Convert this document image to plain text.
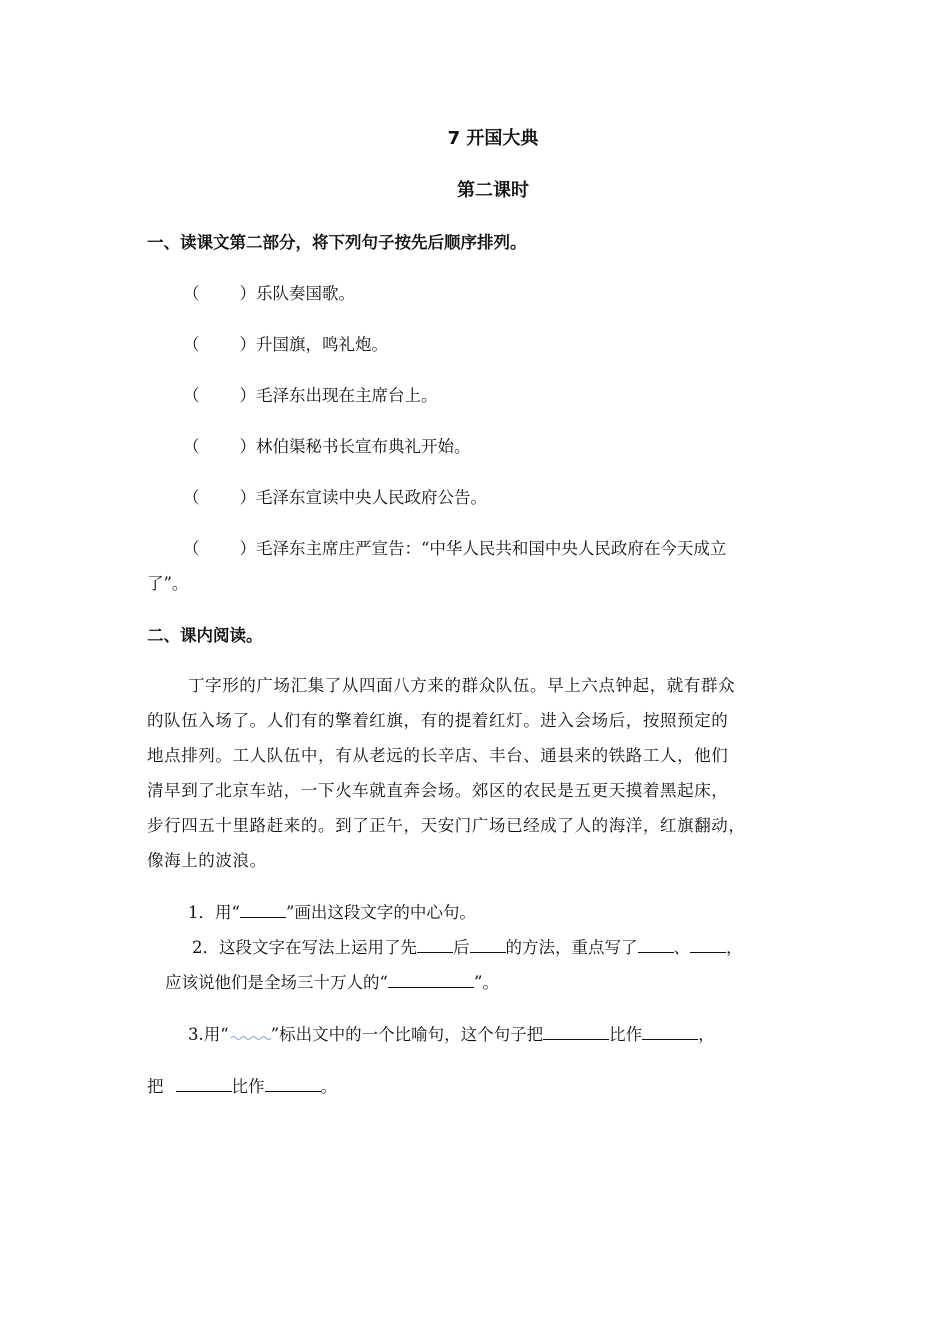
7 开国大典
第二课时
一、读课文第二部分，将下列句子按先后顺序排列。
（ ）乐队奏国歌。
（ ）升国旗，鸣礼炮。
（ ）毛泽东出现在主席台上。
（ ）林伯渠秘书长宣布典礼开始。
（ ）毛泽东宣读中央人民政府公告。
（ ）毛泽东主席庄严宣告：“中华人民共和国中央人民政府在今天成立
了”。
二、课内阅读。
丁字形的广场汇集了从四面八方来的群众队伍。早上六点钟起，就有群众
的队伍入场了。人们有的擎着红旗，有的提着红灯。进入会场后，按照预定的
地点排列。工人队伍中，有从老远的长辛店、丰台、通县来的铁路工人，他们
清早到了北京车站，一下火车就直奔会场。郊区的农民是五更天摸着黑起床，
步行四五十里路赶来的。到了正午，天安门广场已经成了人的海洋，红旗翻动，
像海上的波浪。
1．用“	”画出这段文字的中心句。
2．这段文字在写法上运用了先 后 的方法，重点写了 、 ，
应该说他们是全场三十万人的“	”。
3.用“	”标出文中的一个比喻句，这个句子把	比作	，
把	比作	。
